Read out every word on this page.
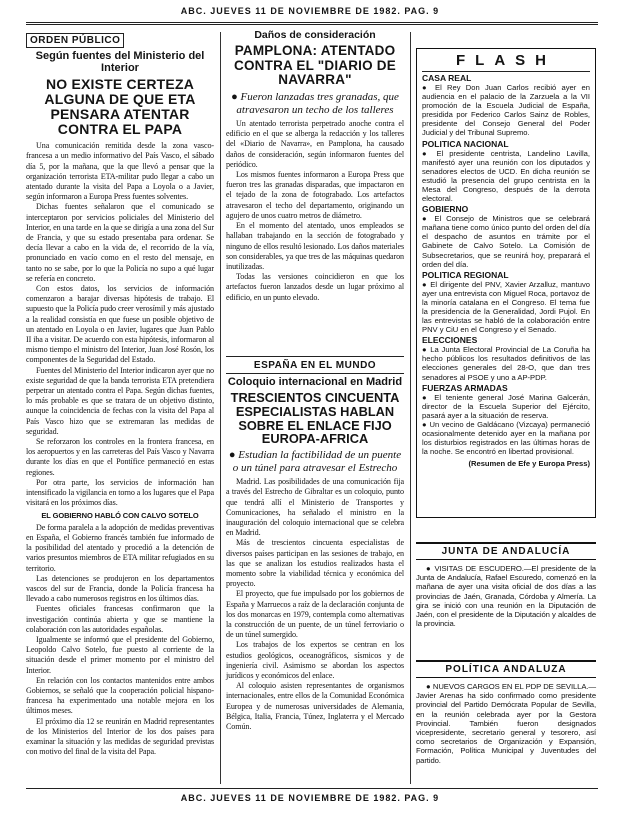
ABC. JUEVES 11 DE NOVIEMBRE DE 1982. PAG. 9
ORDEN PÚBLICO
Según fuentes del Ministerio del Interior
NO EXISTE CERTEZA ALGUNA DE QUE ETA PENSARA ATENTAR CONTRA EL PAPA

Una comunicación remitida desde la zona vasco-francesa a un medio informativo del País Vasco, el sábado día 5, por la mañana, que la que llevó a pensar que la organización terrorista ETA-militar pudo llegar a cabo un atentado durante la visita del Papa a Loyola o a Javier, según informaron a Europa Press fuentes solventes.

Dichas fuentes señalaron que el comunicado se interceptaron por servicios policiales del Ministerio del Interior, en una tarde en la que se dirigía a una zona del Sur de Francia, y que su estado presentaba para ordenar. Se decía llevar a cabo en la vida de, el recorrido de la vía, pronunciado en vacío como en el resto del mensaje, en tanto no se sabe, por lo que la Policía no supo a qué lugar se refería en concreto.

Con estos datos, los servicios de información comenzaron a barajar diversas hipótesis de trabajo. El supuesto que la Policía pudo creer verosímil y más ajustado a la realidad consistía en que fuese un posible objetivo de un atentado en Loyola o en Javier, lugares que Juan Pablo II iba a visitar. De acuerdo con esta hipótesis, informaron al mismo tiempo el ministro del Interior, Juan José Rosón, los componentes de la Seguridad del Estado.

Fuentes del Ministerio del Interior indicaron ayer que no existe seguridad de que la banda terrorista ETA pretendiera perpetrar un atentado contra el Papa. Según dichas fuentes, lo más probable es que se tratara de un objetivo distinto, aunque la coincidencia de fechas con la visita del Papa al País Vasco hizo que se extremaran las medidas de seguridad.

Se reforzaron los controles en la frontera francesa, en los aeropuertos y en las carreteras del País Vasco y Navarra durante los días en que el Pontífice permaneció en estas regiones.

Por otra parte, los servicios de información han intensificado la vigilancia en torno a los lugares que el Papa visitará en los próximos días.

EL GOBIERNO HABLÓ CON CALVO SOTELO

De forma paralela a la adopción de medidas preventivas en España, el Gobierno francés también fue informado de la posibilidad del atentado y procedió a la detención de varios presuntos miembros de ETA militar refugiados en su territorio.

Las detenciones se produjeron en los departamentos vascos del sur de Francia, donde la Policía francesa ha llevado a cabo numerosos registros en los últimos días.

Fuentes oficiales francesas confirmaron que la investigación continúa abierta y que se mantiene la colaboración con las autoridades españolas.

Igualmente se informó que el presidente del Gobierno, Leopoldo Calvo Sotelo, fue puesto al corriente de la situación desde el primer momento por el ministro del Interior.

En relación con los contactos mantenidos entre ambos Gobiernos, se señaló que la cooperación policial hispano-francesa ha experimentado una notable mejora en los últimos meses.

El próximo día 12 se reunirán en Madrid representantes de los Ministerios del Interior de los dos países para examinar la situación y las medidas de seguridad previstas con motivo del final de la visita del Papa.

Daños de consideración
PAMPLONA: ATENTADO CONTRA EL "DIARIO DE NAVARRA"
● Fueron lanzadas tres granadas, que atravesaron un techo de los talleres

Un atentado terrorista perpetrado anoche contra el edificio en el que se alberga la redacción y los talleres del «Diario de Navarra», en Pamplona, ha causado daños de consideración, según informaron fuentes del periódico.

Los mismos fuentes informaron a Europa Press que fueron tres las granadas disparadas, que impactaron en el tejado de la zona de fotograbado. Los artefactos atravesaron el techo del departamento, originando un agujero de unos cuatro metros de diámetro.

En el momento del atentado, unos empleados se hallaban trabajando en la sección de fotograbado y ninguno de ellos resultó lesionado. Los daños materiales son considerables, ya que tres de las máquinas quedaron inutilizadas.

Todas las versiones coincidieron en que los artefactos fueron lanzados desde un lugar próximo al edificio, en un punto elevado.

ESPAÑA EN EL MUNDO
Coloquio internacional en Madrid
TRESCIENTOS CINCUENTA ESPECIALISTAS HABLAN SOBRE EL ENLACE FIJO EUROPA-AFRICA
● Estudian la factibilidad de un puente o un túnel para atravesar el Estrecho

Madrid. Las posibilidades de una comunicación fija a través del Estrecho de Gibraltar es un coloquio, punto que tendrá allí el Ministerio de Transportes y Comunicaciones, ha señalado el ministro en la inauguración del coloquio internacional que se celebra en Madrid.

Más de trescientos cincuenta especialistas de diversos países participan en las sesiones de trabajo, en las que se analizan los estudios realizados hasta el momento sobre la viabilidad técnica y económica del proyecto.

El proyecto, que fue impulsado por los gobiernos de España y Marruecos a raíz de la declaración conjunta de los dos monarcas en 1979, contempla como alternativas la construcción de un puente, de un túnel ferroviario o de un túnel sumergido.

Los trabajos de los expertos se centran en los estudios geológicos, oceanográficos, sísmicos y de ingeniería civil. Asimismo se abordan los aspectos jurídicos y económicos del enlace.

Al coloquio asisten representantes de organismos internacionales, entre ellos de la Comunidad Económica Europea y de numerosas universidades de Alemania, Bélgica, Italia, Francia, Túnez, Inglaterra y el Mercado Común.

FLASH
CASA REAL
● El Rey Don Juan Carlos recibió ayer en audiencia en el palacio de la Zarzuela a la VII promoción de la Escuela Judicial de España, presidida por Federico Carlos Sainz de Robles, presidente del Consejo General del Poder Judicial y del Tribunal Supremo.
POLITICA NACIONAL
● El presidente centrista, Landelino Lavilla, manifestó ayer una reunión con los diputados y senadores electos de UCD. En dicha reunión se estudió la presencia del grupo centrista en la Mesa del Congreso, después de la derrota electoral.
GOBIERNO
● El Consejo de Ministros que se celebrará mañana tiene como único punto del orden del día el despacho de asuntos en trámite por el Gabinete de Calvo Sotelo. La Comisión de Subsecretarios, que se reunirá hoy, preparará el orden del día.
POLITICA REGIONAL
● El dirigente del PNV, Xavier Arzalluz, mantuvo ayer una entrevista con Miguel Roca, portavoz de la minoría catalana en el Congreso. El tema fue la presidencia de la Generalidad, Jordi Pujol. En las entrevistas se habló de la colaboración entre PNV y CiU en el Congreso y el Senado.
ELECCIONES
● La Junta Electoral Provincial de La Coruña ha hecho públicos los resultados definitivos de las elecciones generales del 28-O, que dan tres senadores al PSOE y uno a AP-PDP.
FUERZAS ARMADAS
● El teniente general José Marina Galcerán, director de la Escuela Superior del Ejército, pasará ayer a la situación de reserva.
● Un vecino de Galdácano (Vizcaya) permaneció ocasionalmente detenido ayer en la mañana por los disturbios registrados en las últimas horas de la noche. Se encontró en libertad provisional.
(Resumen de Efe y Europa Press)
JUNTA DE ANDALUCÍA

● VISITAS DE ESCUDERO.—El presidente de la Junta de Andalucía, Rafael Escuredo, comenzó en la mañana de ayer una visita oficial de dos días a las provincias de Jaén, Granada, Córdoba y Almería. La gira se inició con una reunión en la Diputación de Jaén, con el presidente de la Diputación y alcaldes de la provincia.

POLÍTICA ANDALUZA

● NUEVOS CARGOS EN EL PDP DE SEVILLA.—Javier Arenas ha sido confirmado como presidente provincial del Partido Demócrata Popular de Sevilla, en la reunión celebrada ayer por la Gestora Provincial. También fueron designados vicepresidente, secretario general y tesorero, así como secretarios de Organización y Expansión, Formación, Política Municipal y Juventudes del partido.

ABC. JUEVES 11 DE NOVIEMBRE DE 1982. PAG. 9
